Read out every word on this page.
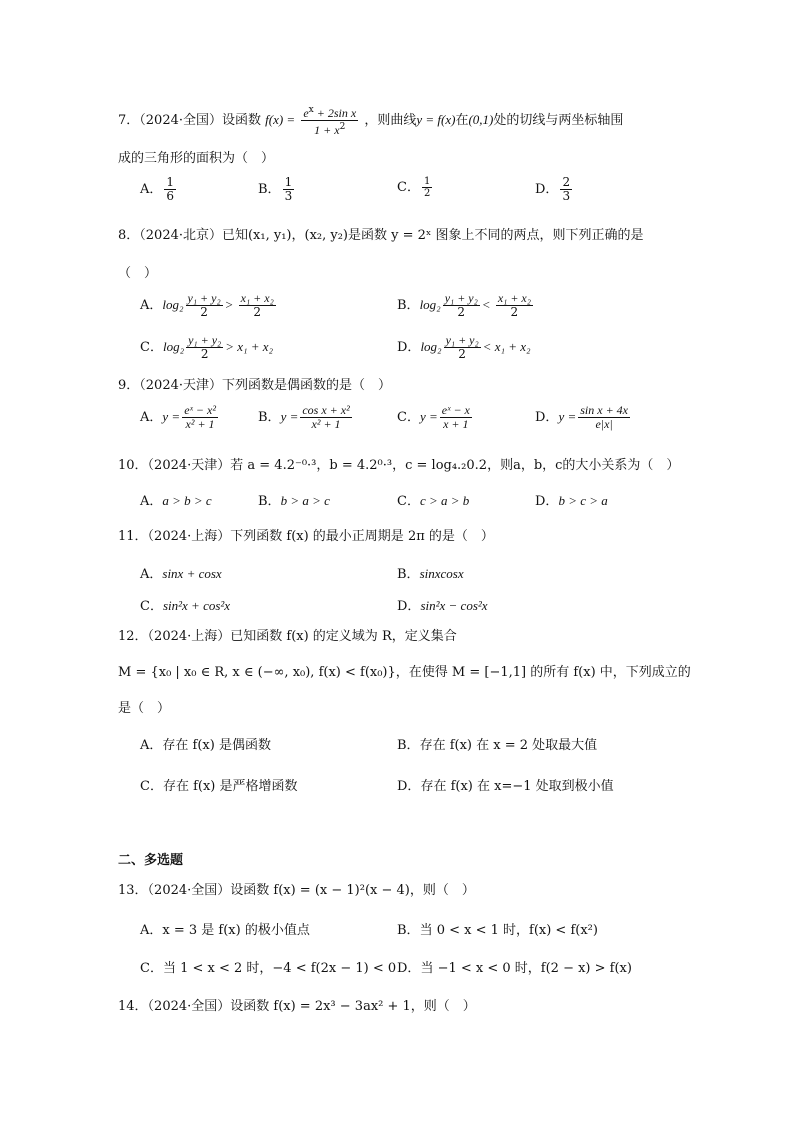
7．（2024·全国）设函数 $f(x) = \frac{e^x + 2\sin x}{1 + x^2}$ ，则曲线y = f(x)在(0,1)处的切线与两坐标轴围
成的三角形的面积为（　）
A． $\frac{1}{6}$	B． $\frac{1}{3}$	C． $\frac{1}{2}$	D． $\frac{2}{3}$
8．（2024·北京）已知(x₁, y₁)，(x₂, y₂)是函数 y = 2ˣ 图象上不同的两点，则下列正确的是
（　）
A．$\log_2 \frac{\text{y₁ + y₂}}{2} > \frac{\text{x₁ + x₂}}{2}$	B．$\log_2 \frac{\text{y₁ + y₂}}{2} < \frac{\text{x₁ + x₂}}{2}$
C．$\log_2 \frac{\text{y₁ + y₂}}{2} > x_1 + x_2$	D．$\log_2 \frac{\text{y₁ + y₂}}{2} < x_1 + x_2$
9．（2024·天津）下列函数是偶函数的是（　）
A．$y = \frac{\text{eˣ − x²}}{\text{x² + 1}}$	B．$y = \frac{\text{cos x + x²}}{\text{x² + 1}}$	C．$y = \frac{\text{eˣ − x}}{x + 1}$	D．$y = \frac{\text{sin x + 4x}}{e|x|}$
10．（2024·天津）若 a = 4.2⁻⁰·³，b = 4.2⁰·³，c = log₄.₂0.2，则a，b，c的大小关系为（　）
A．a > b > c	B．b > a > c	C．c > a > b	D．b > c > a
11．（2024·上海）下列函数 f(x) 的最小正周期是 2π 的是（　）
A．sinx + cosx	B．sinxcosx
C．sin²x + cos²x	D．sin²x − cos²x
12．（2024·上海）已知函数 f(x) 的定义域为 R，定义集合
M = {x₀ | x₀ ∈ R, x ∈ (−∞, x₀), f(x) < f(x₀)}，在使得 M = [−1,1] 的所有 f(x) 中，下列成立的
是（　）
A．存在 f(x) 是偶函数	B．存在 f(x) 在 x = 2 处取最大值
C．存在 f(x) 是严格增函数	D．存在 f(x) 在 x=−1 处取到极小值
二、多选题
13．（2024·全国）设函数 f(x) = (x − 1)²(x − 4)，则（　）
A．x = 3 是 f(x) 的极小值点	B．当 0 < x < 1 时，f(x) < f(x²)
C．当 1 < x < 2 时，−4 < f(2x − 1) < 0 D．当 −1 < x < 0 时，f(2 − x) > f(x)
14．（2024·全国）设函数 f(x) = 2x³ − 3ax² + 1，则（　）
